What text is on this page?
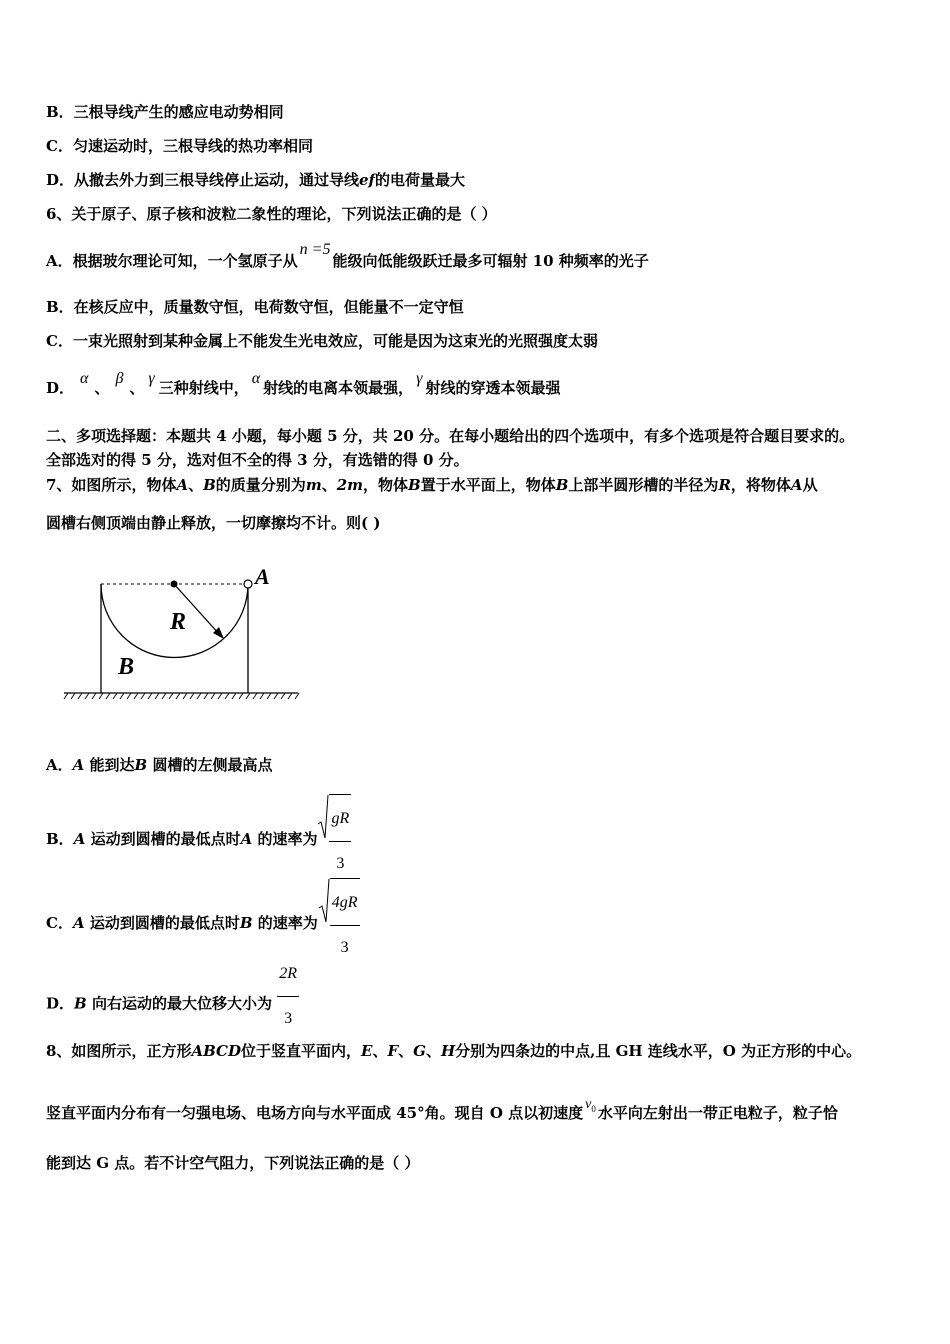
B．三根导线产生的感应电动势相同
C．匀速运动时，三根导线的热功率相同
D．从撤去外力到三根导线停止运动，通过导线ef的电荷量最大
6、关于原子、原子核和波粒二象性的理论，下列说法正确的是（ ）
A．根据玻尔理论可知，一个氢原子从n =5能级向低能级跃迁最多可辐射 10 种频率的光子
B．在核反应中，质量数守恒，电荷数守恒，但能量不一定守恒
C．一束光照射到某种金属上不能发生光电效应，可能是因为这束光的光照强度太弱
D．α、β、γ三种射线中，α射线的电离本领最强，γ射线的穿透本领最强
二、多项选择题：本题共 4 小题，每小题 5 分，共 20 分。在每小题给出的四个选项中，有多个选项是符合题目要求的。
全部选对的得 5 分，选对但不全的得 3 分，有选错的得 0 分。
7、如图所示，物体A、B的质量分别为m、2m，物体B置于水平面上，物体B上部半圆形槽的半径为R，将物体A从
圆槽右侧顶端由静止释放，一切摩擦均不计。则( )
A
R
B
A．A 能到达B 圆槽的左侧最高点
B．A 运动到圆槽的最低点时A 的速率为 $\frac{gR}{3}$
C．A 运动到圆槽的最低点时B 的速率为 $\frac{4gR}{3}$
D．B 向右运动的最大位移大小为 $\frac{2R}{3}$
8、如图所示，正方形ABCD位于竖直平面内，E、F、G、H分别为四条边的中点,且 GH 连线水平，O 为正方形的中心。
竖直平面内分布有一匀强电场、电场方向与水平面成 45°角。现自 O 点以初速度 $v_0$ 水平向左射出一带正电粒子，粒子恰
能到达 G 点。若不计空气阻力，下列说法正确的是（ ）
